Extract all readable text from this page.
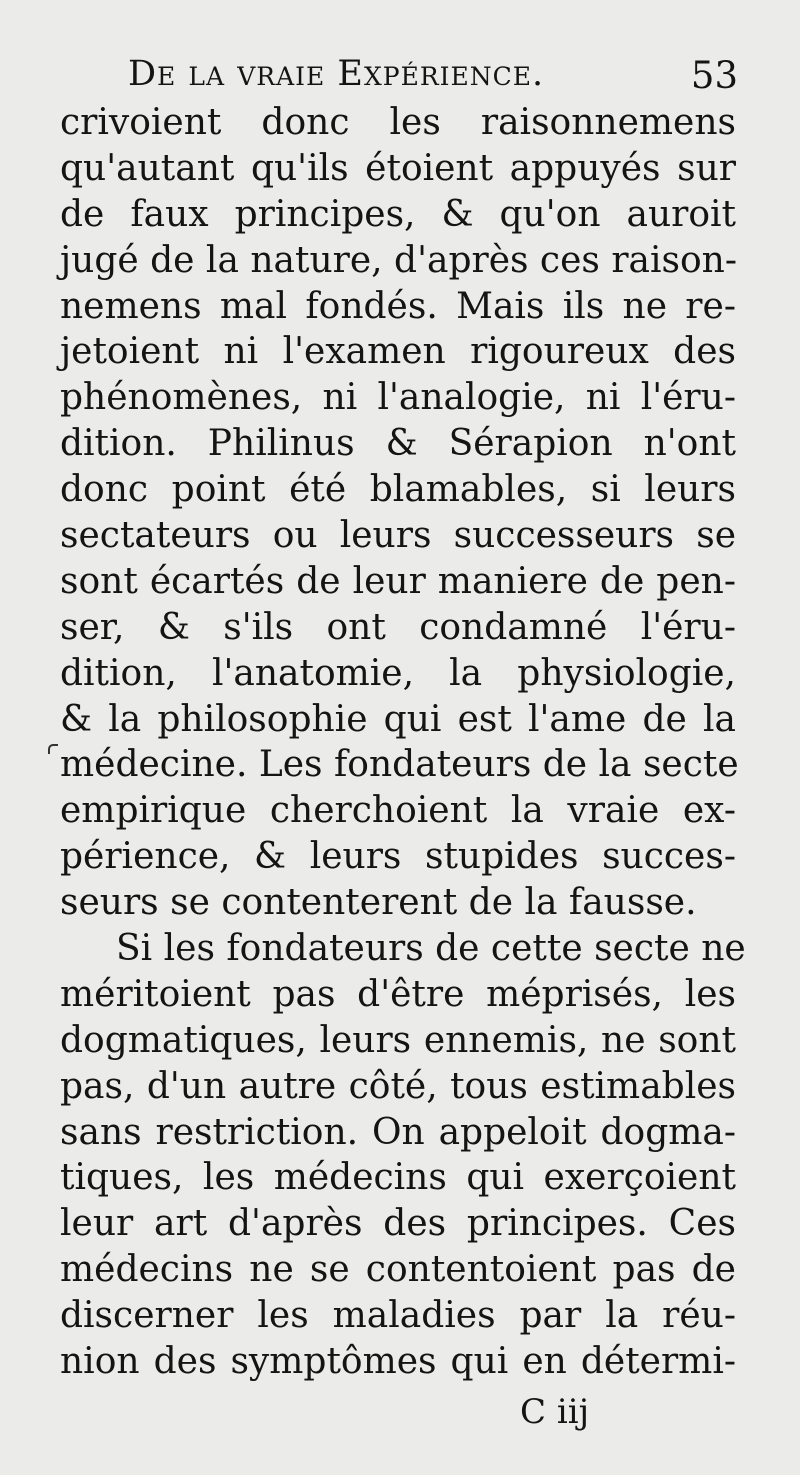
De la vraie Expérience.	53

crivoient donc les raisonnemens
qu'autant qu'ils étoient appuyés sur
de faux principes, & qu'on auroit
jugé de la nature, d'après ces raison-
nemens mal fondés. Mais ils ne re-
jetoient ni l'examen rigoureux des
phénomènes, ni l'analogie, ni l'éru-
dition. Philinus & Sérapion n'ont
donc point été blamables, si leurs
sectateurs ou leurs successeurs se
sont écartés de leur maniere de pen-
ser, & s'ils ont condamné l'éru-
dition, l'anatomie, la physiologie,
& la philosophie qui est l'ame de la
médecine. Les fondateurs de la secte
empirique cherchoient la vraie ex-
périence, & leurs stupides succes-
seurs se contenterent de la fausse.

Si les fondateurs de cette secte ne
méritoient pas d'être méprisés, les
dogmatiques, leurs ennemis, ne sont
pas, d'un autre côté, tous estimables
sans restriction. On appeloit dogma-
tiques, les médecins qui exerçoient
leur art d'après des principes. Ces
médecins ne se contentoient pas de
discerner les maladies par la réu-
nion des symptômes qui en détermi-

C iij
